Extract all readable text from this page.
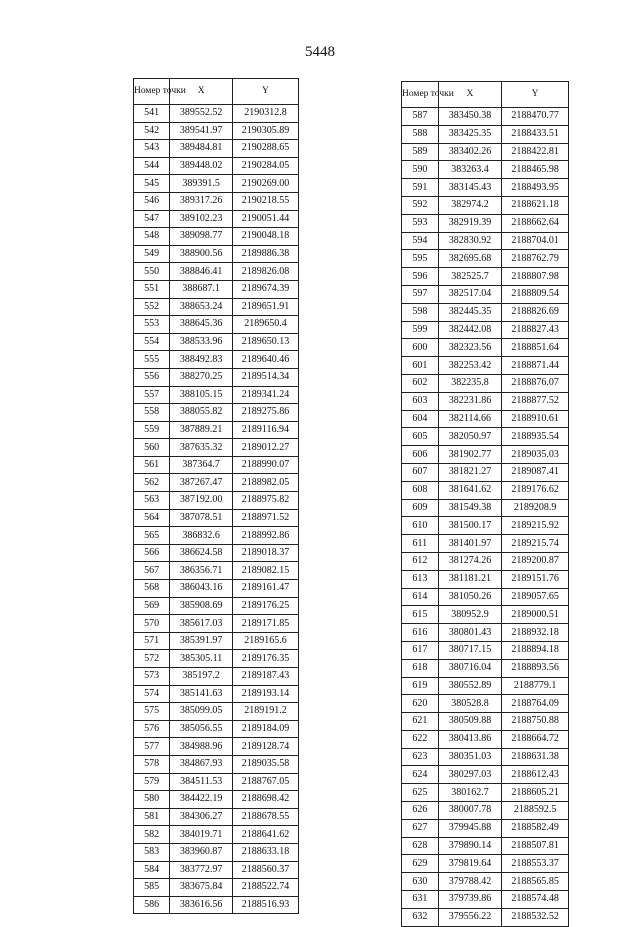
5448
Номер точки	X	Y
541	389552.52	2190312.8
542	389541.97	2190305.89
543	389484.81	2190288.65
544	389448.02	2190284.05
545	389391.5	2190269.00
546	389317.26	2190218.55
547	389102.23	2190051.44
548	389098.77	2190048.18
549	388900.56	2189886.38
550	388846.41	2189826.08
551	388687.1	2189674.39
552	388653.24	2189651.91
553	388645.36	2189650.4
554	388533.96	2189650.13
555	388492.83	2189640.46
556	388270.25	2189514.34
557	388105.15	2189341.24
558	388055.82	2189275.86
559	387889.21	2189116.94
560	387635.32	2189012.27
561	387364.7	2188990.07
562	387267.47	2188982.05
563	387192.00	2188975.82
564	387078.51	2188971.52
565	386832.6	2188992.86
566	386624.58	2189018.37
567	386356.71	2189082.15
568	386043.16	2189161.47
569	385908.69	2189176.25
570	385617.03	2189171.85
571	385391.97	2189165.6
572	385305.11	2189176.35
573	385197.2	2189187.43
574	385141.63	2189193.14
575	385099.05	2189191.2
576	385056.55	2189184.09
577	384988.96	2189128.74
578	384867.93	2189035.58
579	384511.53	2188767.05
580	384422.19	2188698.42
581	384306.27	2188678.55
582	384019.71	2188641.62
583	383960.87	2188633.18
584	383772.97	2188560.37
585	383675.84	2188522.74
586	383616.56	2188516.93
Номер точки	X	Y
587	383450.38	2188470.77
588	383425.35	2188433.51
589	383402.26	2188422.81
590	383263.4	2188465.98
591	383145.43	2188493.95
592	382974.2	2188621.18
593	382919.39	2188662.64
594	382830.92	2188704.01
595	382695.68	2188762.79
596	382525.7	2188807.98
597	382517.04	2188809.54
598	382445.35	2188826.69
599	382442.08	2188827.43
600	382323.56	2188851.64
601	382253.42	2188871.44
602	382235.8	2188876.07
603	382231.86	2188877.52
604	382114.66	2188910.61
605	382050.97	2188935.54
606	381902.77	2189035.03
607	381821.27	2189087.41
608	381641.62	2189176.62
609	381549.38	2189208.9
610	381500.17	2189215.92
611	381401.97	2189215.74
612	381274.26	2189200.87
613	381181.21	2189151.76
614	381050.26	2189057.65
615	380952.9	2189000.51
616	380801.43	2188932.18
617	380717.15	2188894.18
618	380716.04	2188893.56
619	380552.89	2188779.1
620	380528.8	2188764.09
621	380509.88	2188750.88
622	380413.86	2188664.72
623	380351.03	2188631.38
624	380297.03	2188612.43
625	380162.7	2188605.21
626	380007.78	2188592.5
627	379945.88	2188582.49
628	379890.14	2188507.81
629	379819.64	2188553.37
630	379788.42	2188565.85
631	379739.86	2188574.48
632	379556.22	2188532.52
